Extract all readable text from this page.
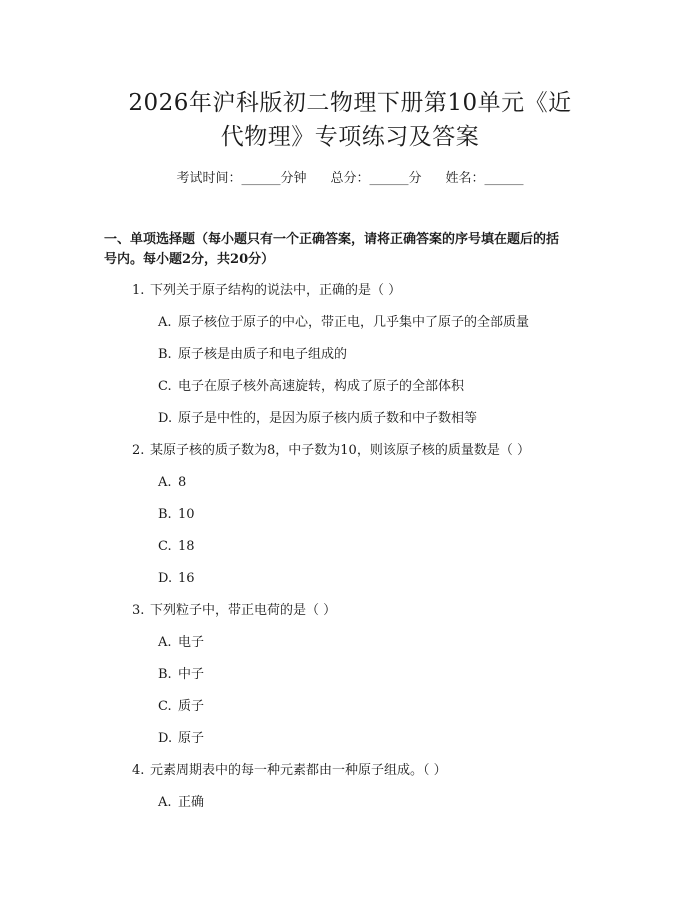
2026年沪科版初二物理下册第10单元《近
代物理》专项练习及答案
考试时间：______分钟 总分：______分 姓名：______
一、单项选择题（每小题只有一个正确答案，请将正确答案的序号填在题后的括
号内。每小题2分，共20分）
1. 下列关于原子结构的说法中，正确的是（ ）
A. 原子核位于原子的中心，带正电，几乎集中了原子的全部质量
B. 原子核是由质子和电子组成的
C. 电子在原子核外高速旋转，构成了原子的全部体积
D. 原子是中性的，是因为原子核内质子数和中子数相等
2. 某原子核的质子数为8，中子数为10，则该原子核的质量数是（ ）
A. 8
B. 10
C. 18
D. 16
3. 下列粒子中，带正电荷的是（ ）
A. 电子
B. 中子
C. 质子
D. 原子
4. 元素周期表中的每一种元素都由一种原子组成。（ ）
A. 正确
